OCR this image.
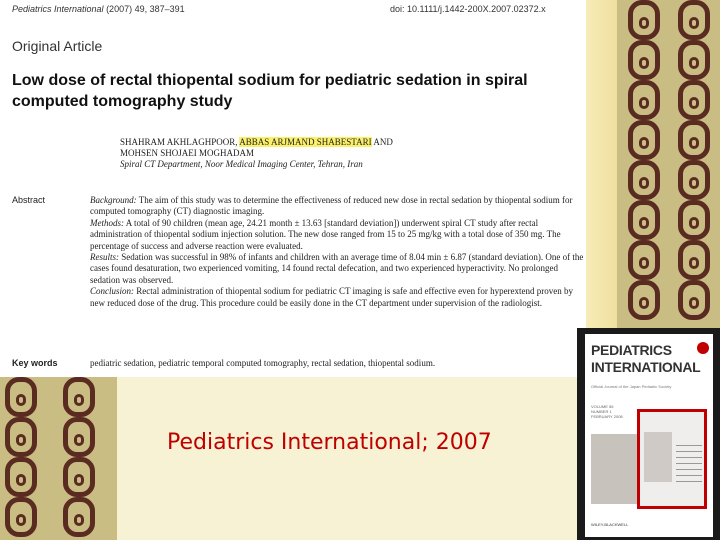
Pediatrics International (2007) 49, 387–391	doi: 10.1111/j.1442-200X.2007.02372.x
Original Article
Low dose of rectal thiopental sodium for pediatric sedation in spiral computed tomography study
SHAHRAM AKHLAGHPOOR, ABBAS ARJMAND SHABESTARI AND
MOHSEN SHOJAEI MOGHADAM
Spiral CT Department, Noor Medical Imaging Center, Tehran, Iran
Abstract	Background: The aim of this study was to determine the effectiveness of reduced new dose in rectal sedation by thiopental sodium for computed tomography (CT) diagnostic imaging.

Methods: A total of 90 children (mean age, 24.21 month ± 13.63 [standard deviation]) underwent spiral CT study after rectal administration of thiopental sodium injection solution. The new dose ranged from 15 to 25 mg/kg with a total dose of 350 mg. The percentage of success and adverse reaction were evaluated.

Results: Sedation was successful in 98% of infants and children with an average time of 8.04 min ± 6.87 (standard deviation). One of the cases found desaturation, two experienced vomiting, 14 found rectal defecation, and two experienced hyperactivity. No prolonged sedation was observed.

Conclusion: Rectal administration of thiopental sodium for pediatric CT imaging is safe and effective even for hyperextend proven by new reduced dose of the drug. This procedure could be easily done in the CT department under supervision of the radiologist.

Key words	pediatric sedation, pediatric temporal computed tomography, rectal sedation, thiopental sodium.
Pediatrics International; 2007
PEDIATRICS
INTERNATIONAL
Official Journal of the Japan Pediatric Society
VOLUME 56
NUMBER 1
FEBRUARY 2008
WILEY-BLACKWELL
